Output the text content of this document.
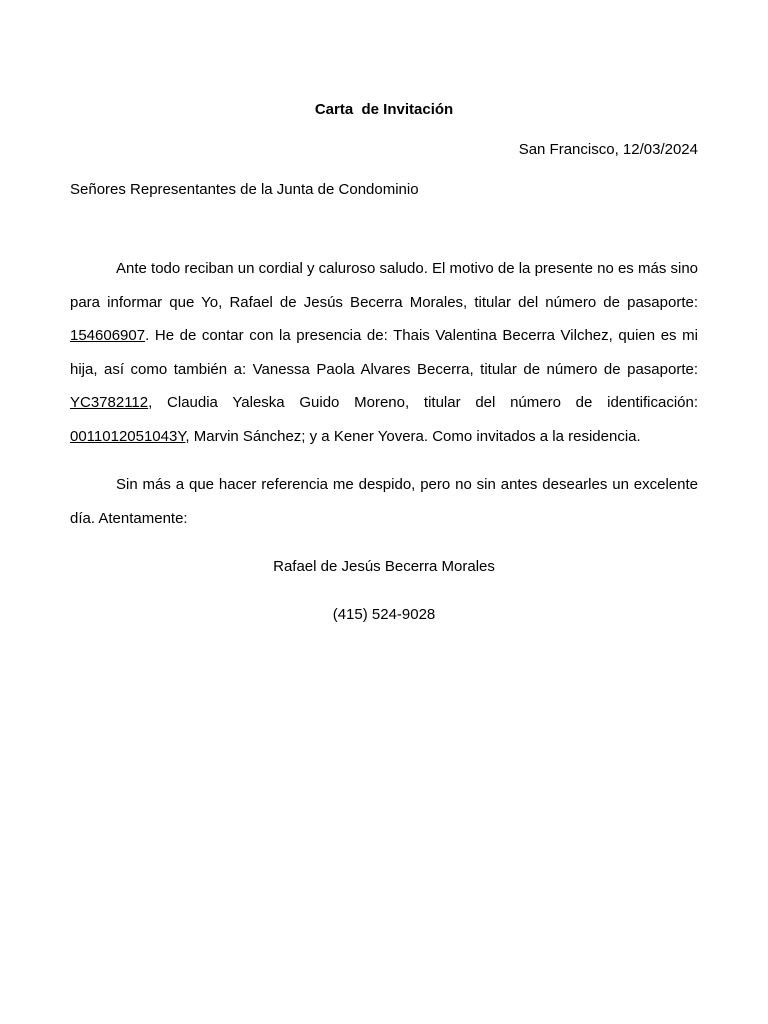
Carta  de Invitación
San Francisco, 12/03/2024
Señores Representantes de la Junta de Condominio

Ante todo reciban un cordial y caluroso saludo. El motivo de la presente no es más sino para informar que Yo, Rafael de Jesús Becerra Morales, titular del número de pasaporte: 154606907. He de contar con la presencia de: Thais Valentina Becerra Vilchez, quien es mi hija, así como también a: Vanessa Paola Alvares Becerra, titular de número de pasaporte: YC3782112, Claudia Yaleska Guido Moreno, titular del número de identificación: 0011012051043Y, Marvin Sánchez; y a Kener Yovera. Como invitados a la residencia.

Sin más a que hacer referencia me despido, pero no sin antes desearles un excelente día. Atentamente:

Rafael de Jesús Becerra Morales
(415) 524-9028
